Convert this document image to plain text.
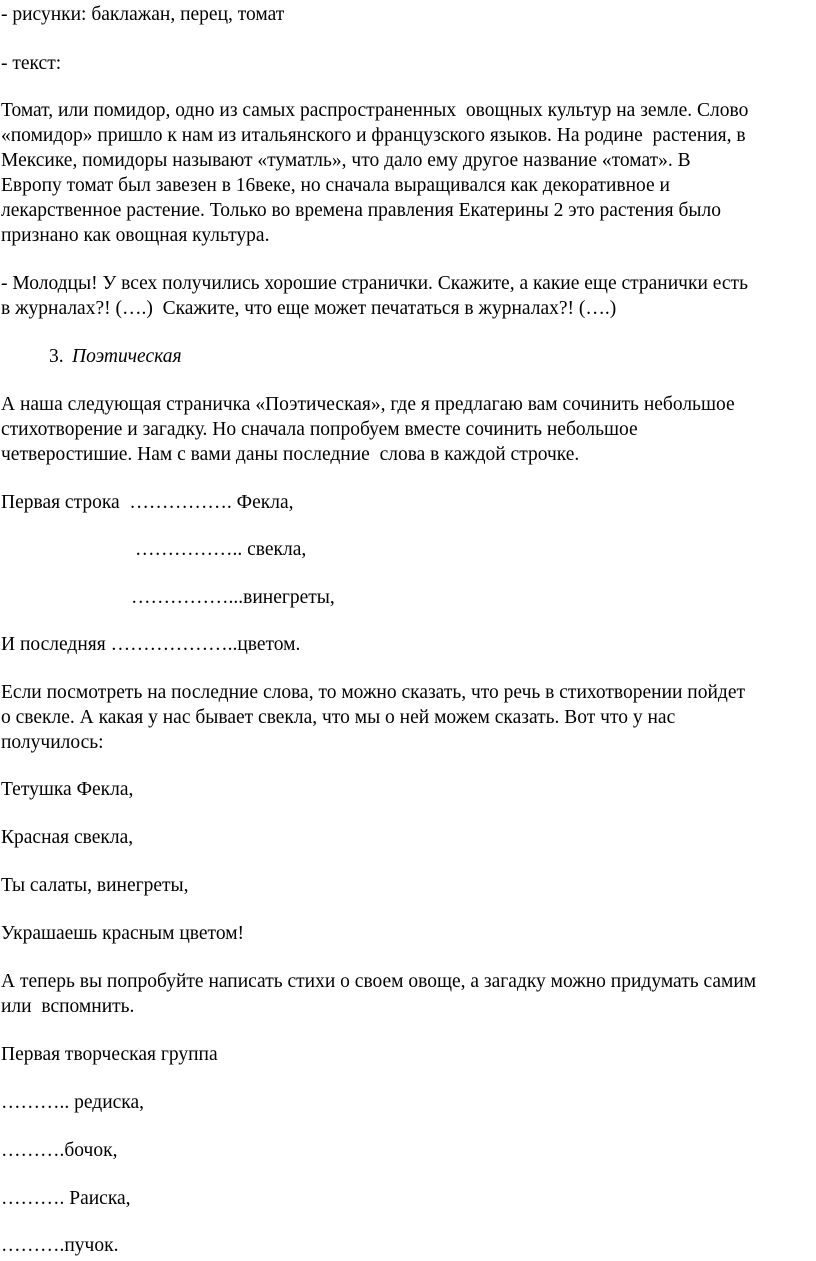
- рисунки: баклажан, перец, томат

- текст:

Томат, или помидор, одно из самых распространенных  овощных культур на земле. Слово

«помидор» пришло к нам из итальянского и французского языков. На родине  растения, в

Мексике, помидоры называют «туматль», что дало ему другое название «томат». В

Европу томат был завезен в 16веке, но сначала выращивался как декоративное и

лекарственное растение. Только во времена правления Екатерины 2 это растения было

признано как овощная культура.

- Молодцы! У всех получились хорошие странички. Скажите, а какие еще странички есть

в журналах?! (….)  Скажите, что еще может печататься в журналах?! (….)

3. Поэтическая

А наша следующая страничка «Поэтическая», где я предлагаю вам сочинить небольшое

стихотворение и загадку. Но сначала попробуем вместе сочинить небольшое

четверостишие. Нам с вами даны последние  слова в каждой строчке.

Первая строка  ……………. Фекла,

…………….. свекла,

……………...винегреты,

И последняя ………………..цветом.

Если посмотреть на последние слова, то можно сказать, что речь в стихотворении пойдет

о свекле. А какая у нас бывает свекла, что мы о ней можем сказать. Вот что у нас

получилось:

Тетушка Фекла,

Красная свекла,

Ты салаты, винегреты,

Украшаешь красным цветом!

А теперь вы попробуйте написать стихи о своем овоще, а загадку можно придумать самим

или  вспомнить.

Первая творческая группа

……….. редиска,

……….бочок,

………. Раиска,

……….пучок.
